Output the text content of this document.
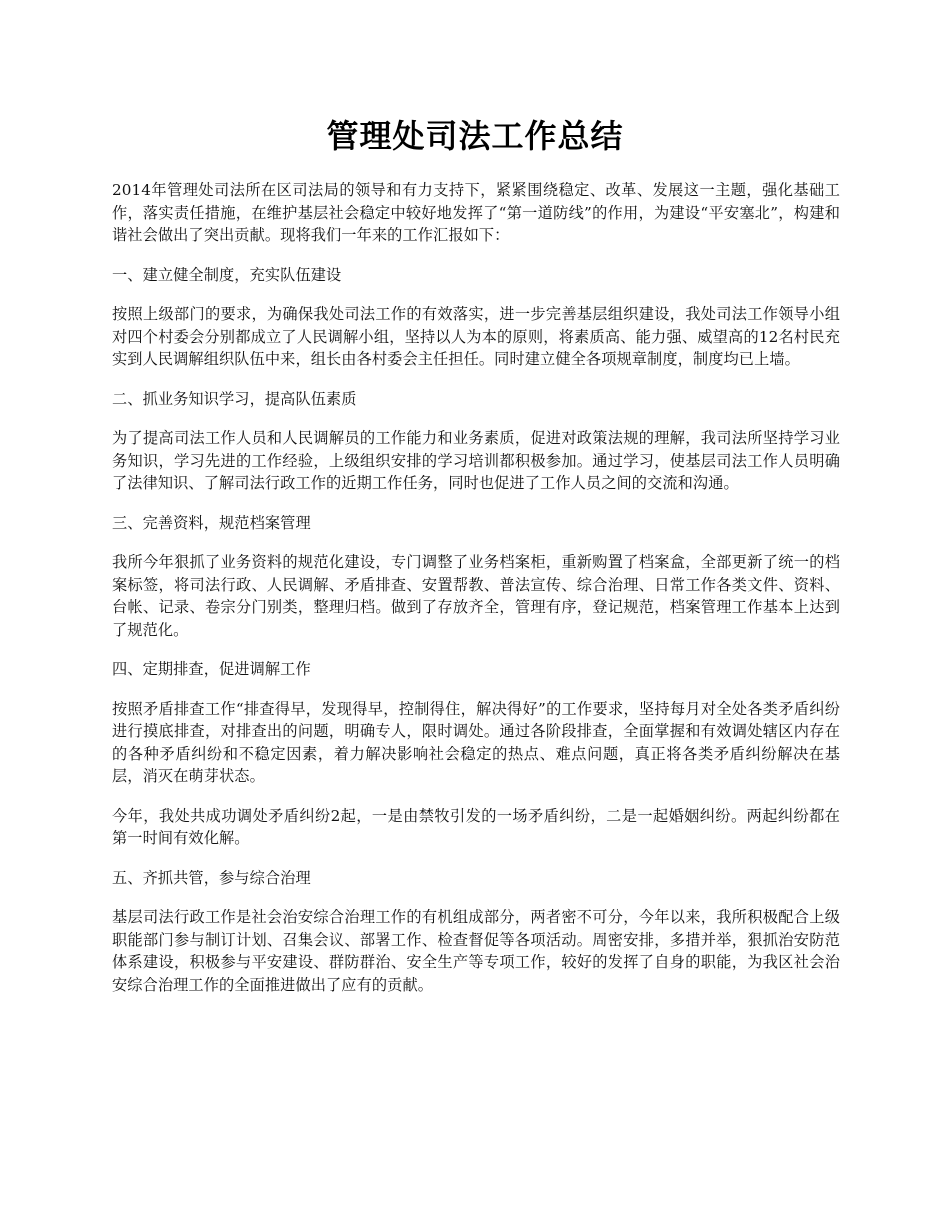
管理处司法工作总结

2014年管理处司法所在区司法局的领导和有力支持下，紧紧围绕稳定、改革、发展这一主题，强化基础工作，落实责任措施，在维护基层社会稳定中较好地发挥了“第一道防线”的作用，为建设“平安塞北”，构建和谐社会做出了突出贡献。现将我们一年来的工作汇报如下：

一、建立健全制度，充实队伍建设

按照上级部门的要求，为确保我处司法工作的有效落实，进一步完善基层组织建设，我处司法工作领导小组对四个村委会分别都成立了人民调解小组，坚持以人为本的原则，将素质高、能力强、威望高的12名村民充实到人民调解组织队伍中来，组长由各村委会主任担任。同时建立健全各项规章制度，制度均已上墙。

二、抓业务知识学习，提高队伍素质

为了提高司法工作人员和人民调解员的工作能力和业务素质，促进对政策法规的理解，我司法所坚持学习业务知识，学习先进的工作经验，上级组织安排的学习培训都积极参加。通过学习，使基层司法工作人员明确了法律知识、了解司法行政工作的近期工作任务，同时也促进了工作人员之间的交流和沟通。

三、完善资料，规范档案管理

我所今年狠抓了业务资料的规范化建设，专门调整了业务档案柜，重新购置了档案盒，全部更新了统一的档案标签，将司法行政、人民调解、矛盾排查、安置帮教、普法宣传、综合治理、日常工作各类文件、资料、台帐、记录、卷宗分门别类，整理归档。做到了存放齐全，管理有序，登记规范，档案管理工作基本上达到了规范化。

四、定期排查，促进调解工作

按照矛盾排查工作“排查得早，发现得早，控制得住，解决得好”的工作要求，坚持每月对全处各类矛盾纠纷进行摸底排查，对排查出的问题，明确专人，限时调处。通过各阶段排查，全面掌握和有效调处辖区内存在的各种矛盾纠纷和不稳定因素，着力解决影响社会稳定的热点、难点问题，真正将各类矛盾纠纷解决在基层，消灭在萌芽状态。

今年，我处共成功调处矛盾纠纷2起，一是由禁牧引发的一场矛盾纠纷，二是一起婚姻纠纷。两起纠纷都在第一时间有效化解。

五、齐抓共管，参与综合治理

基层司法行政工作是社会治安综合治理工作的有机组成部分，两者密不可分，今年以来，我所积极配合上级职能部门参与制订计划、召集会议、部署工作、检查督促等各项活动。周密安排，多措并举，狠抓治安防范体系建设，积极参与平安建设、群防群治、安全生产等专项工作，较好的发挥了自身的职能，为我区社会治安综合治理工作的全面推进做出了应有的贡献。
